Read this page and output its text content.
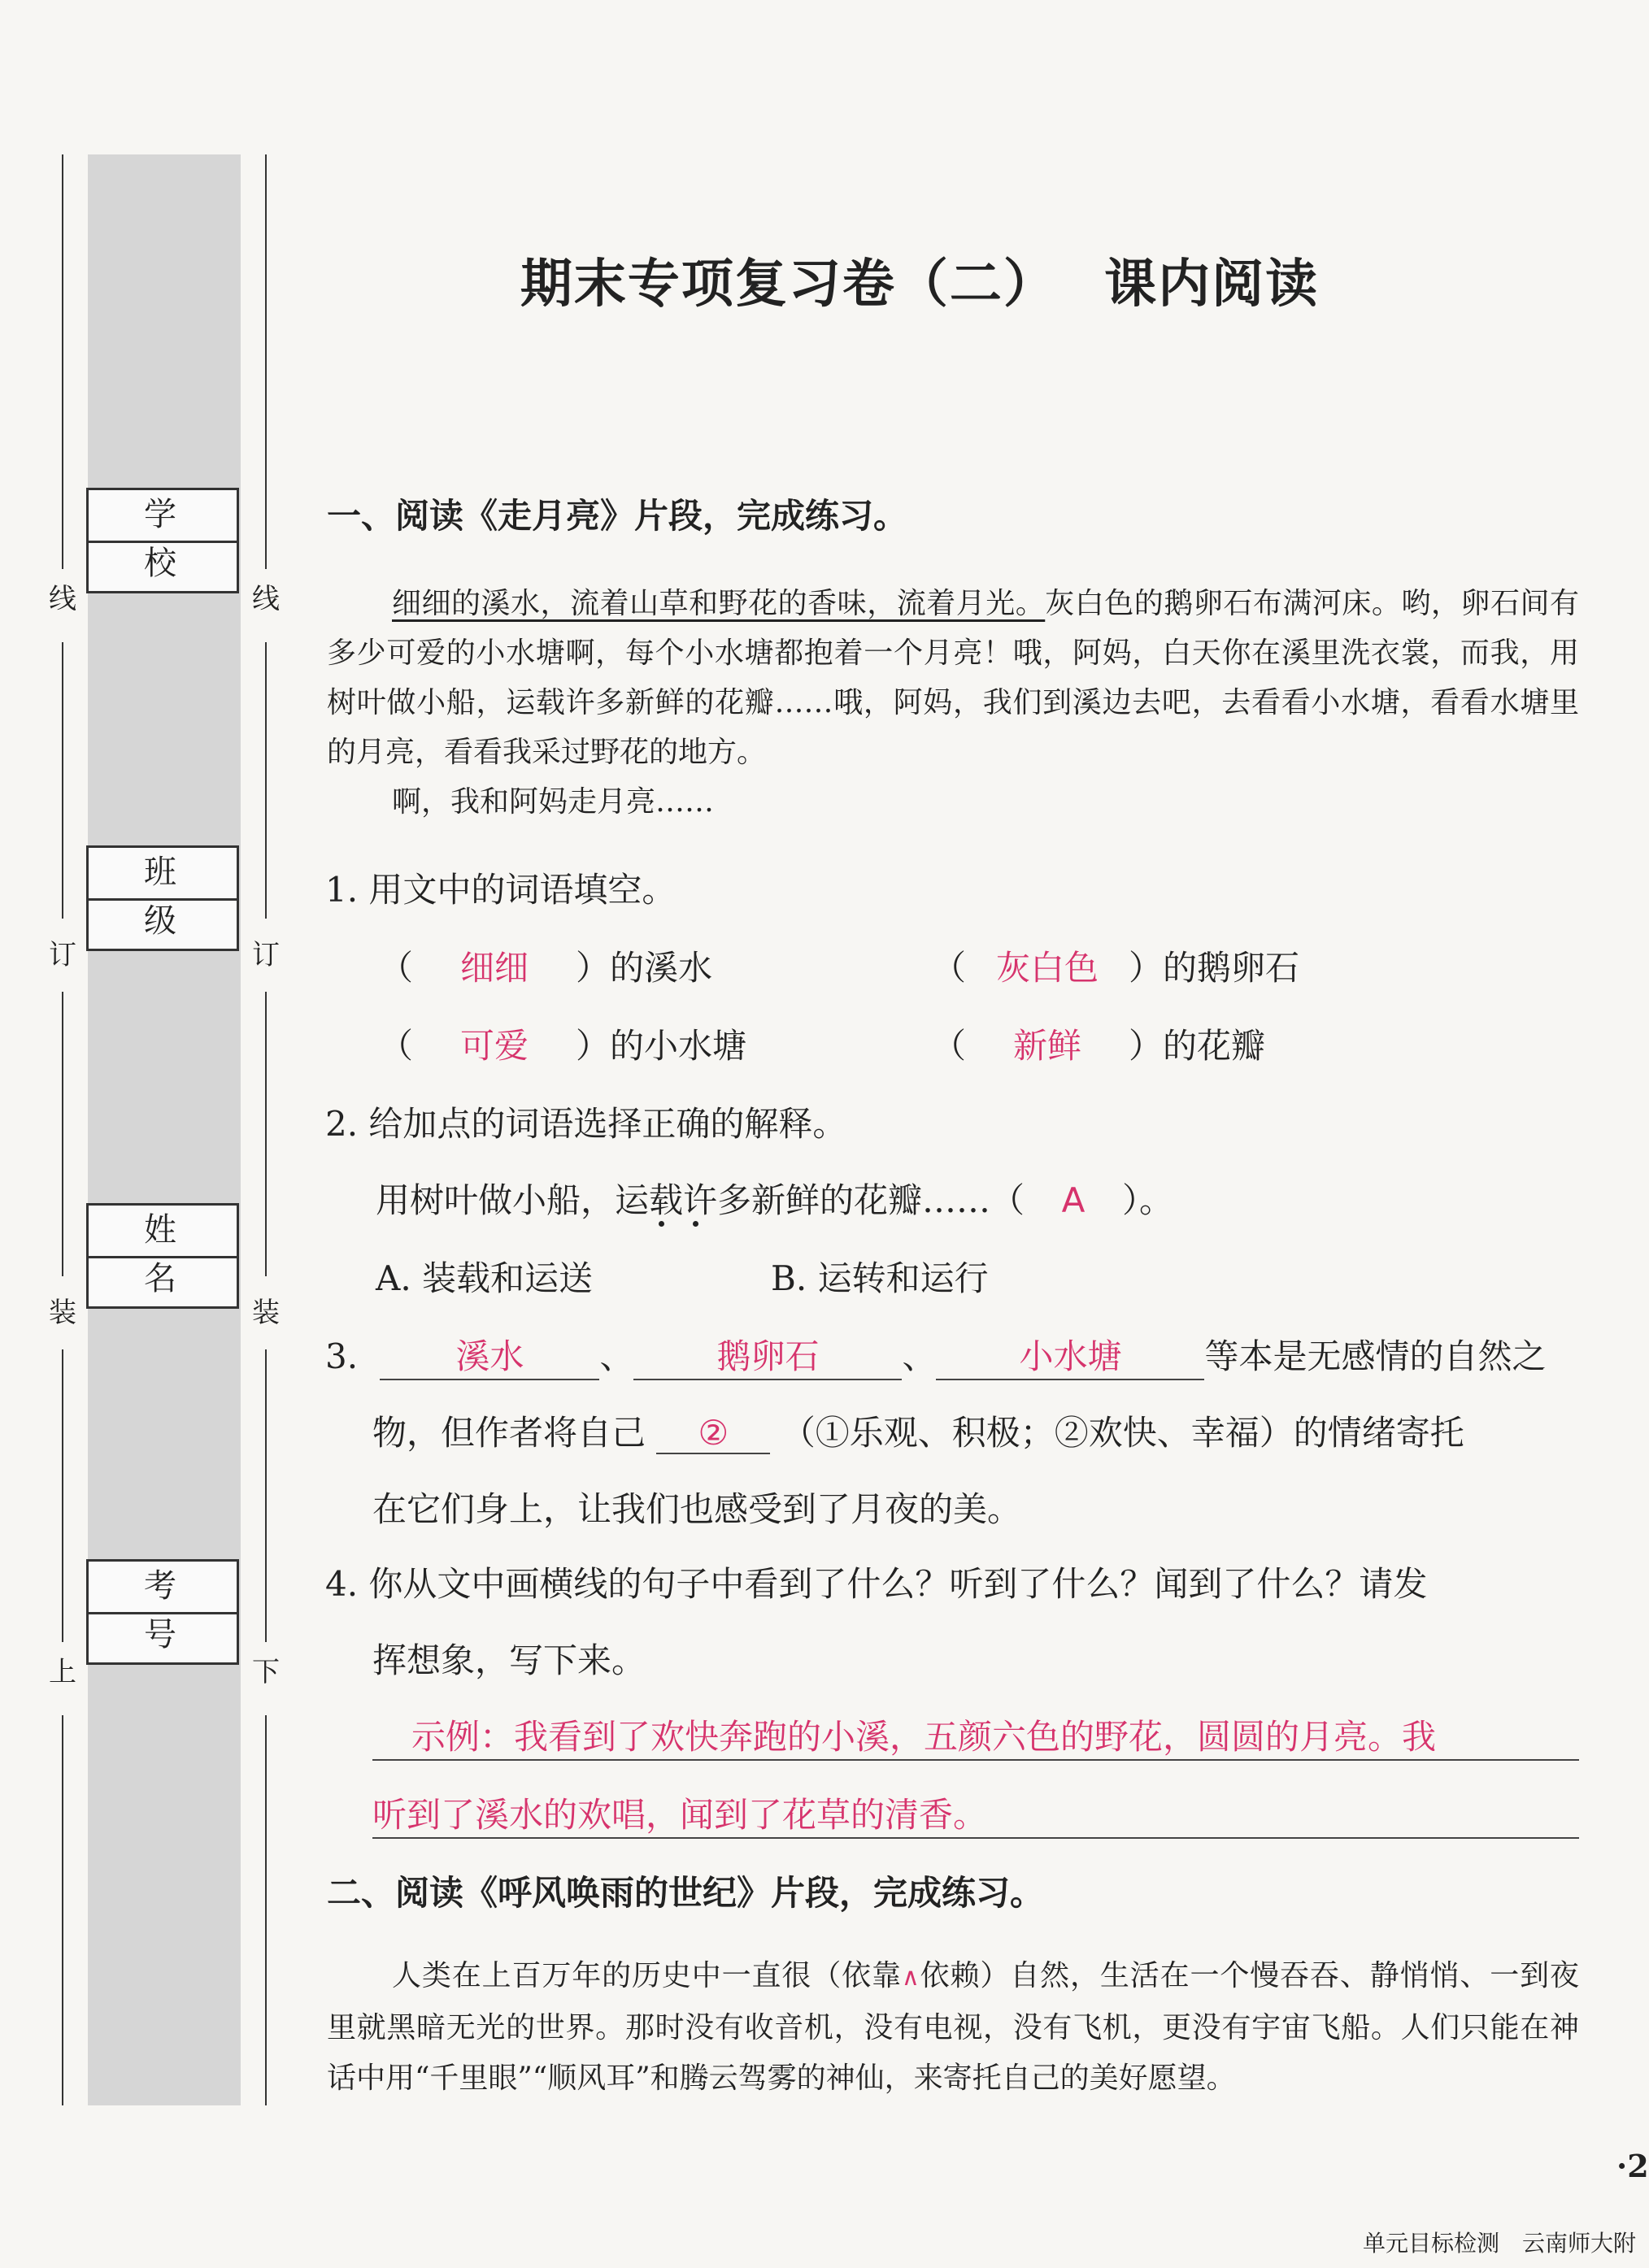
线	线
订	订
装	装
上	下
学 校
班 级
姓 名
考 号
期末专项复习卷（二）　 课内阅读
一、阅读《走月亮》片段，完成练习。

细细的溪水，流着山草和野花的香味，流着月光。灰白色的鹅卵石布满河床。哟，卵石间有多少可爱的小水塘啊，每个小水塘都抱着一个月亮！哦，阿妈，白天你在溪里洗衣裳，而我，用树叶做小船，运载许多新鲜的花瓣……哦，阿妈，我们到溪边去吧，去看看小水塘，看看水塘里的月亮，看看我采过野花的地方。

啊，我和阿妈走月亮……

1. 用文中的词语填空。
（ 细细 ）的溪水	（ 灰白色 ）的鹅卵石
（ 可爱 ）的小水塘	（ 新鲜 ）的花瓣
2. 给加点的词语选择正确的解释。
用树叶做小船，运载许多新鲜的花瓣……（ A ）。
A. 装载和运送	B. 运转和运行
3.	溪水 、 鹅卵石 、 小水塘 等本是无感情的自然之
物，但作者将自己 ② （①乐观、积极；②欢快、幸福）的情绪寄托
在它们身上，让我们也感受到了月夜的美。
4. 你从文中画横线的句子中看到了什么？听到了什么？闻到了什么？请发
挥想象，写下来。
示例：我看到了欢快奔跑的小溪，五颜六色的野花，圆圆的月亮。我
听到了溪水的欢唱，闻到了花草的清香。
二、阅读《呼风唤雨的世纪》片段，完成练习。

人类在上百万年的历史中一直很（依靠∧依赖）自然，生活在一个慢吞吞、静悄悄、一到夜里就黑暗无光的世界。那时没有收音机，没有电视，没有飞机，更没有宇宙飞船。人们只能在神话中用“千里眼”“顺风耳”和腾云驾雾的神仙，来寄托自己的美好愿望。

·2
单元目标检测　云南师大附
